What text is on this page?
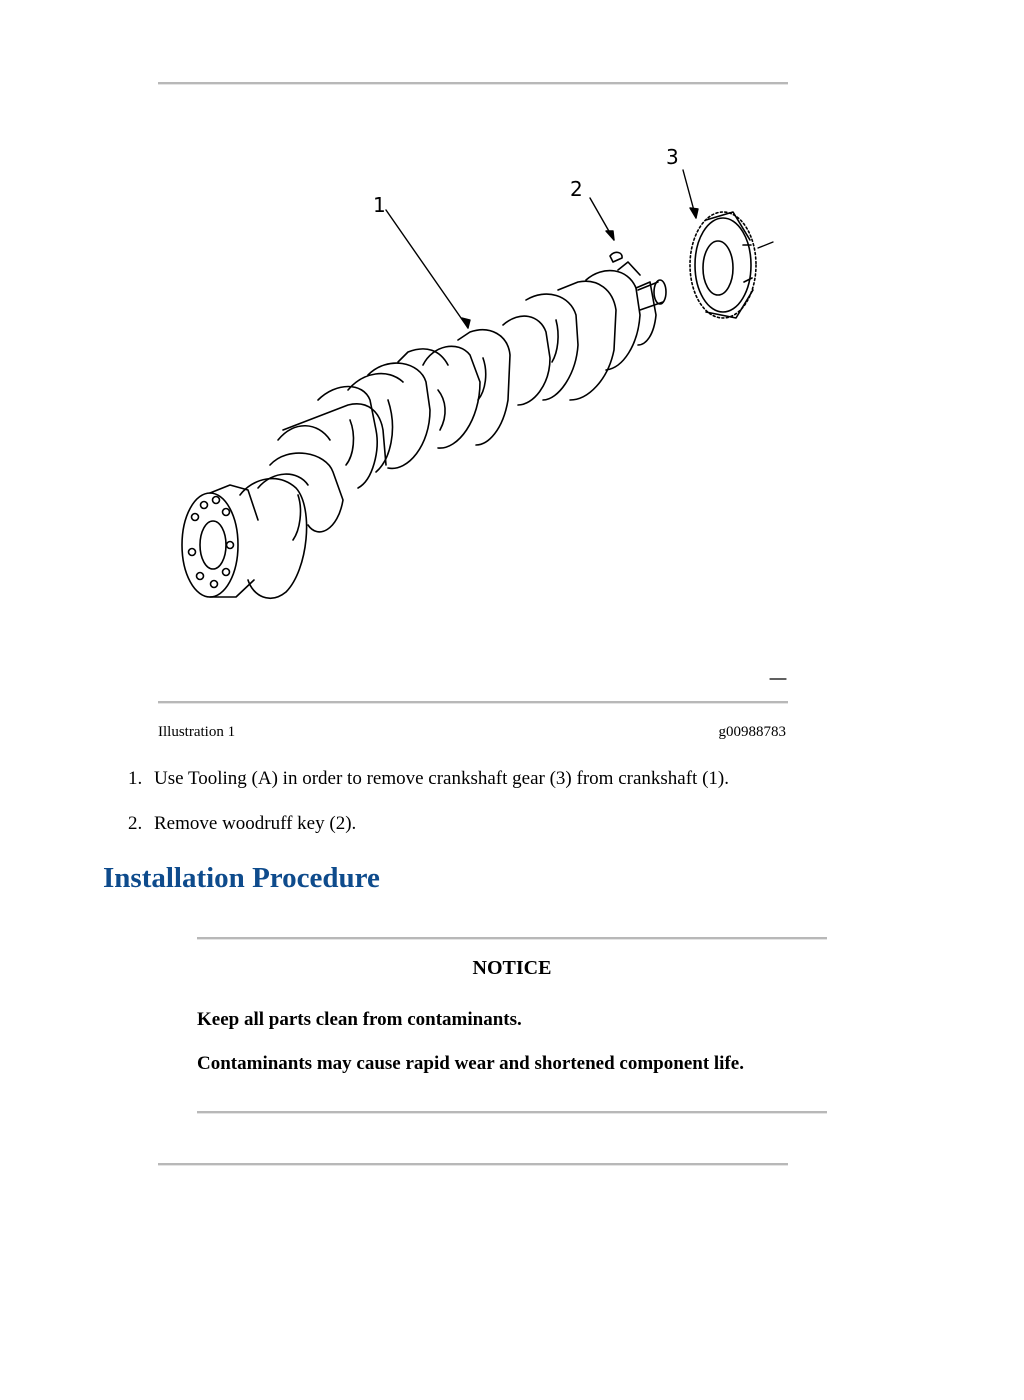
1
2
3
Illustration 1	g00988783
1. Use Tooling (A) in order to remove crankshaft gear (3) from crankshaft (1).
2. Remove woodruff key (2).
Installation Procedure
NOTICE
Keep all parts clean from contaminants.
Contaminants may cause rapid wear and shortened component life.
